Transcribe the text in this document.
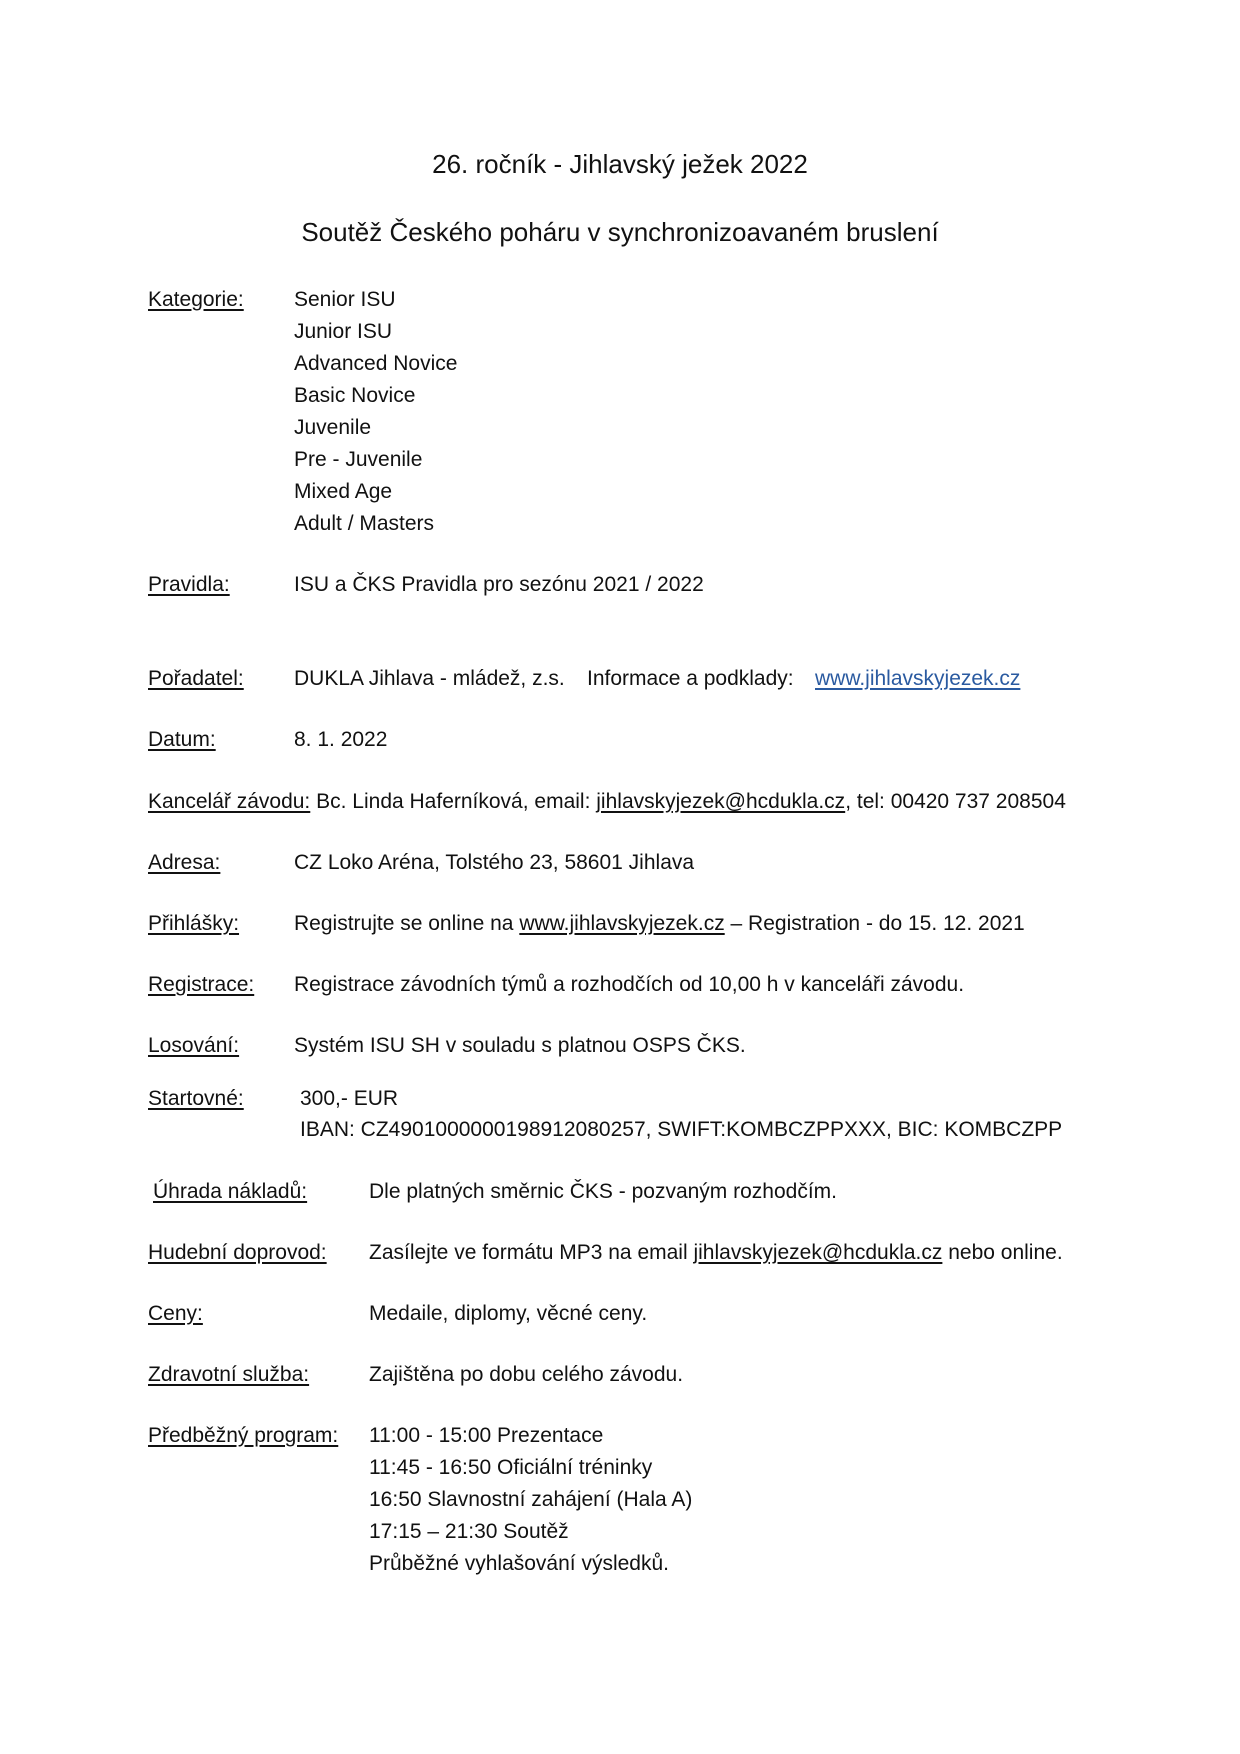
26. ročník - Jihlavský ježek 2022
Soutěž Českého poháru v synchronizoavaném bruslení
Kategorie: Senior ISU
Junior ISU
Advanced Novice
Basic Novice
Juvenile
Pre - Juvenile
Mixed Age
Adult / Masters
Pravidla:	ISU a ČKS Pravidla pro sezónu 2021 / 2022
Pořadatel: DUKLA Jihlava - mládež, z.s. Informace a podklady: www.jihlavskyjezek.cz
Datum:	8. 1. 2022
Kancelář závodu: Bc. Linda Haferníková, email: jihlavskyjezek@hcdukla.cz, tel: 00420 737 208504
Adresa:	CZ Loko Aréna, Tolstého 23, 58601 Jihlava
Přihlášky:	Registrujte se online na www.jihlavskyjezek.cz – Registration - do 15. 12. 2021
Registrace: Registrace závodních týmů a rozhodčích od 10,00 h v kanceláři závodu.
Losování:	Systém ISU SH v souladu s platnou OSPS ČKS.
Startovné:	300,- EUR
IBAN: CZ4901000000198912080257, SWIFT:KOMBCZPPXXX, BIC: KOMBCZPP
Úhrada nákladů:	Dle platných směrnic ČKS - pozvaným rozhodčím.
Hudební doprovod: Zasílejte ve formátu MP3 na email jihlavskyjezek@hcdukla.cz nebo online.
Ceny:	Medaile, diplomy, věcné ceny.
Zdravotní služba:	Zajištěna po dobu celého závodu.
Předběžný program: 11:00 - 15:00 Prezentace
11:45 - 16:50 Oficiální tréninky
16:50 Slavnostní zahájení (Hala A)
17:15 – 21:30 Soutěž
Průběžné vyhlašování výsledků.
